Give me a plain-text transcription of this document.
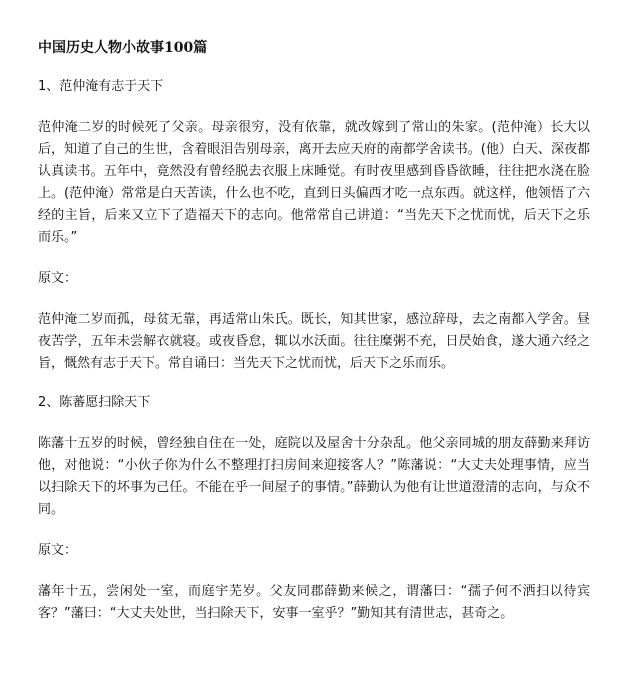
中国历史人物小故事100篇
1、范仲淹有志于天下
范仲淹二岁的时候死了父亲。母亲很穷，没有依靠，就改嫁到了常山的朱家。(范仲淹）长大以后，知道了自己的生世，含着眼泪告别母亲，离开去应天府的南都学舍读书。(他）白天、深夜都认真读书。五年中，竟然没有曾经脱去衣服上床睡觉。有时夜里感到昏昏欲睡，往往把水浇在脸上。(范仲淹）常常是白天苦读，什么也不吃，直到日头偏西才吃一点东西。就这样，他领悟了六经的主旨，后来又立下了造福天下的志向。他常常自己讲道：“当先天下之忧而忧，后天下之乐而乐。”
原文：
范仲淹二岁而孤，母贫无靠，再适常山朱氏。既长，知其世家，感泣辞母，去之南都入学舍。昼夜苦学，五年未尝解衣就寝。或夜昏怠，辄以水沃面。往往糜粥不充，日昃始食，遂大通六经之旨，慨然有志于天下。常自诵曰：当先天下之忧而忧，后天下之乐而乐。
2、陈蕃愿扫除天下
陈藩十五岁的时候，曾经独自住在一处，庭院以及屋舍十分杂乱。他父亲同城的朋友薛勤来拜访他，对他说：“小伙子你为什么不整理打扫房间来迎接客人？”陈藩说：“大丈夫处理事情，应当以扫除天下的坏事为己任。不能在乎一间屋子的事情。”薛勤认为他有让世道澄清的志向，与众不同。
原文：
藩年十五，尝闲处一室，而庭宇芜岁。父友同郡薛勤来候之，谓藩曰：“孺子何不洒扫以待宾客？”藩曰：“大丈夫处世，当扫除天下，安事一室乎？”勤知其有清世志，甚奇之。
